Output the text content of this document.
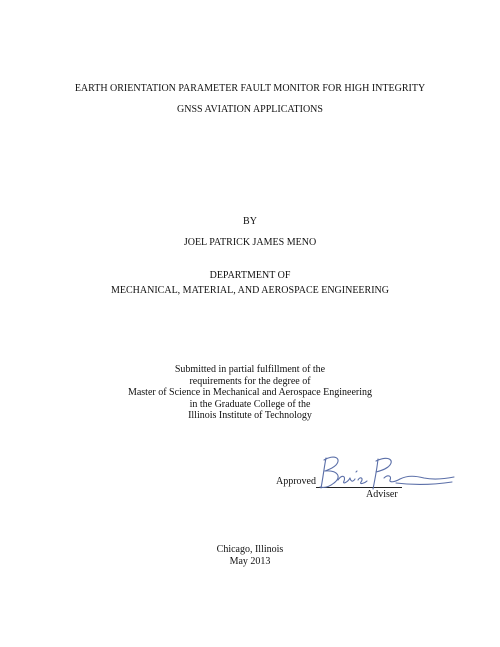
EARTH ORIENTATION PARAMETER FAULT MONITOR FOR HIGH INTEGRITY
GNSS AVIATION APPLICATIONS
BY
JOEL PATRICK JAMES MENO
DEPARTMENT OF
MECHANICAL, MATERIAL, AND AEROSPACE ENGINEERING
Submitted in partial fulfillment of the
requirements for the degree of
Master of Science in Mechanical and Aerospace Engineering
in the Graduate College of the
Illinois Institute of Technology
Approved
Adviser
Chicago, Illinois
May 2013
